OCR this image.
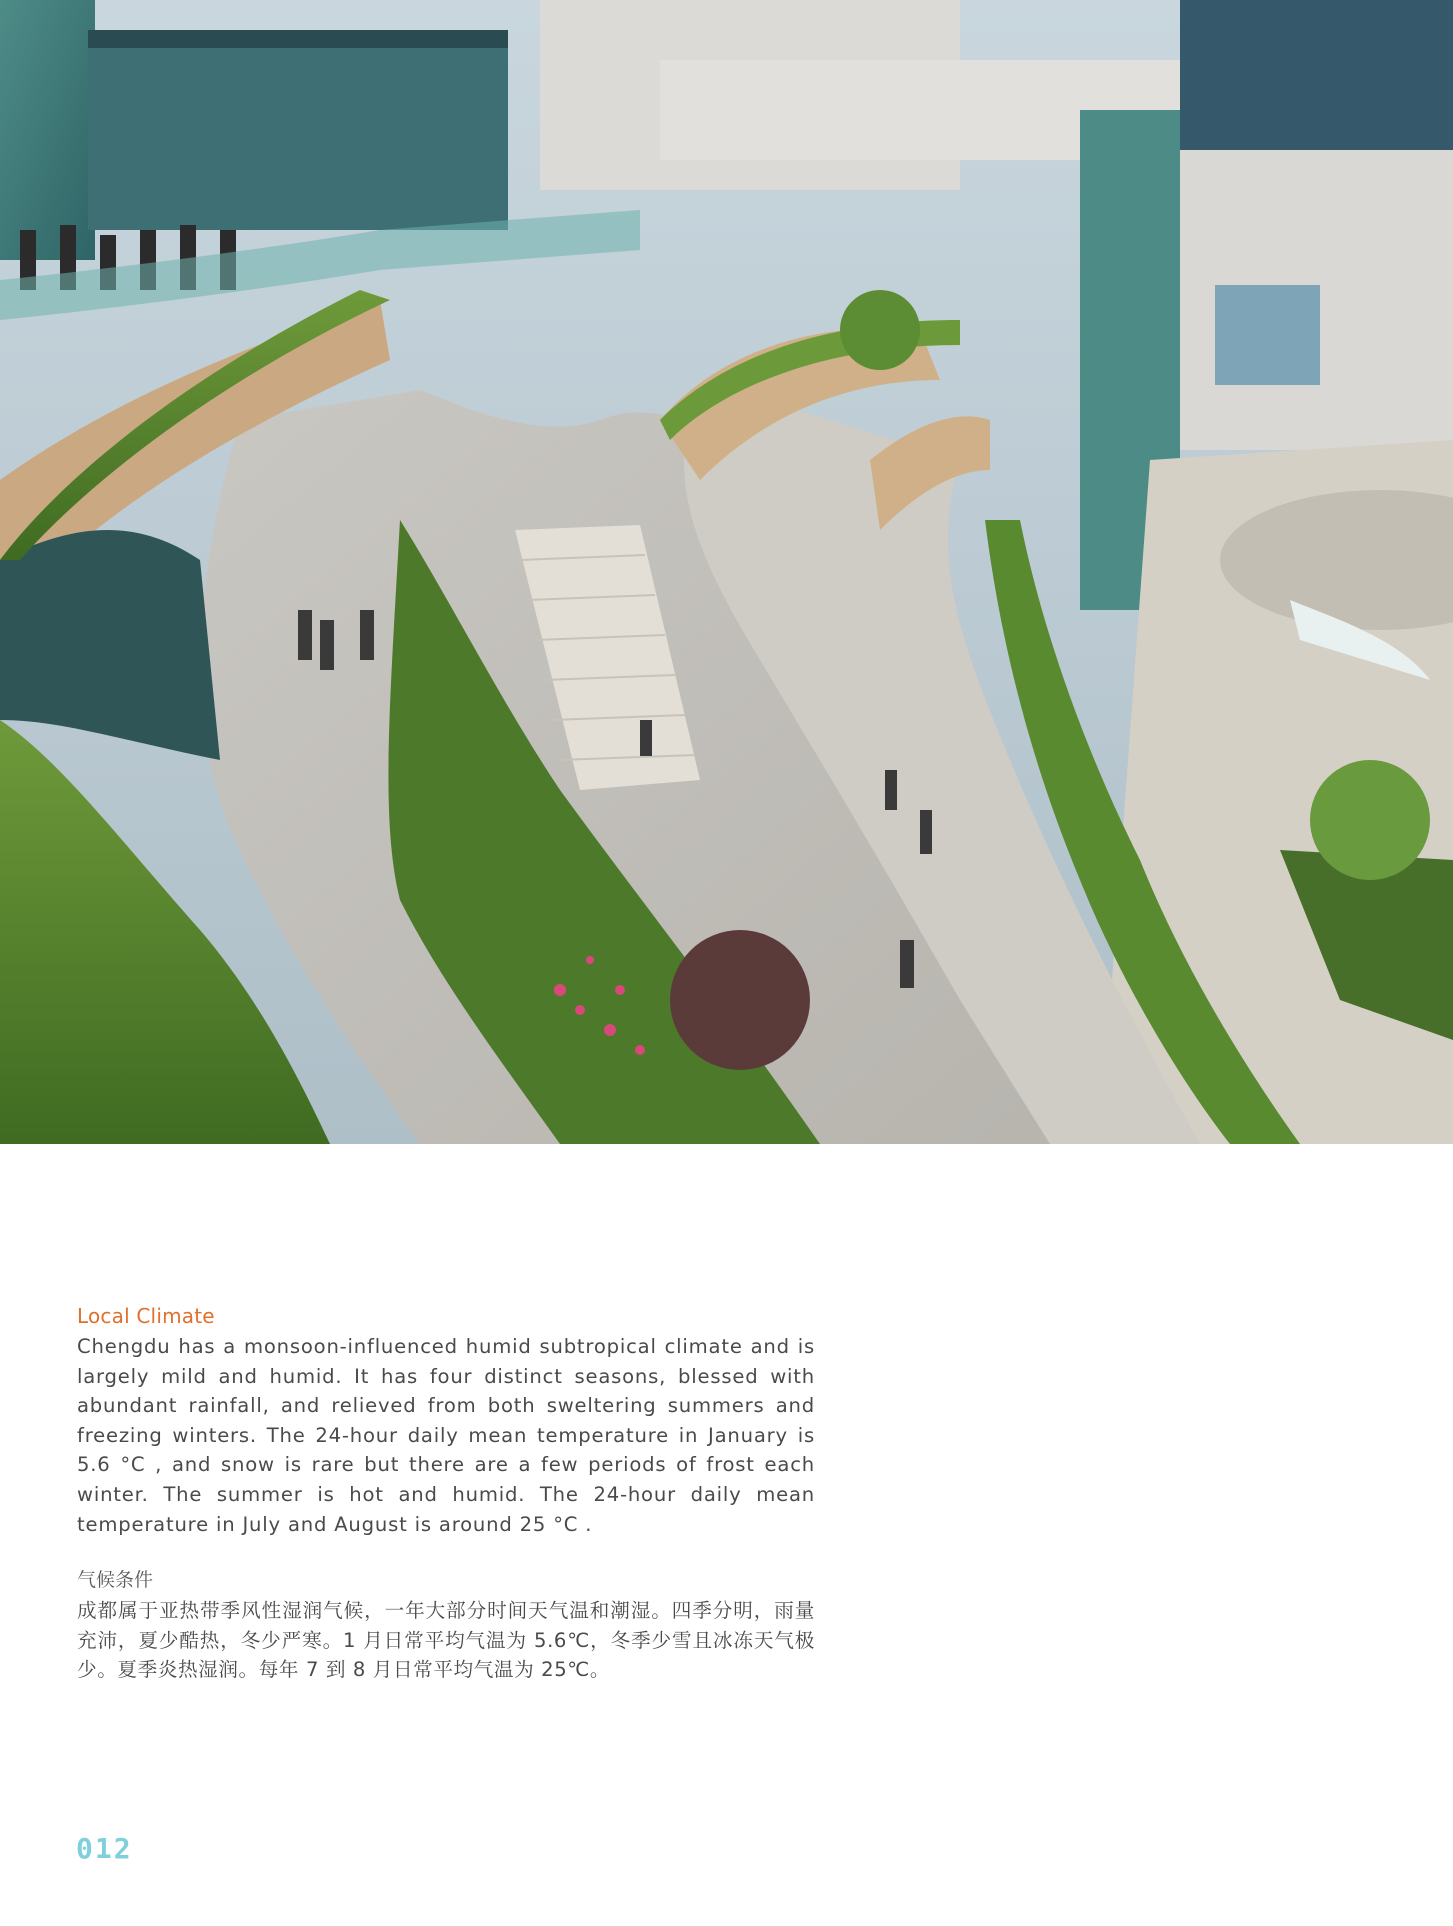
Local Climate

Chengdu has a monsoon-influenced humid subtropical climate and is largely mild and humid. It has four distinct seasons, blessed with abundant rainfall, and relieved from both sweltering summers and freezing winters. The 24-hour daily mean temperature in January is 5.6 °C , and snow is rare but there are a few periods of frost each winter. The summer is hot and humid. The 24-hour daily mean temperature in July and August is around 25 °C .

气候条件

成都属于亚热带季风性湿润气候，一年大部分时间天气温和潮湿。四季分明，雨量充沛，夏少酷热，冬少严寒。1 月日常平均气温为 5.6℃，冬季少雪且冰冻天气极少。夏季炎热湿润。每年 7 到 8 月日常平均气温为 25℃。

012
